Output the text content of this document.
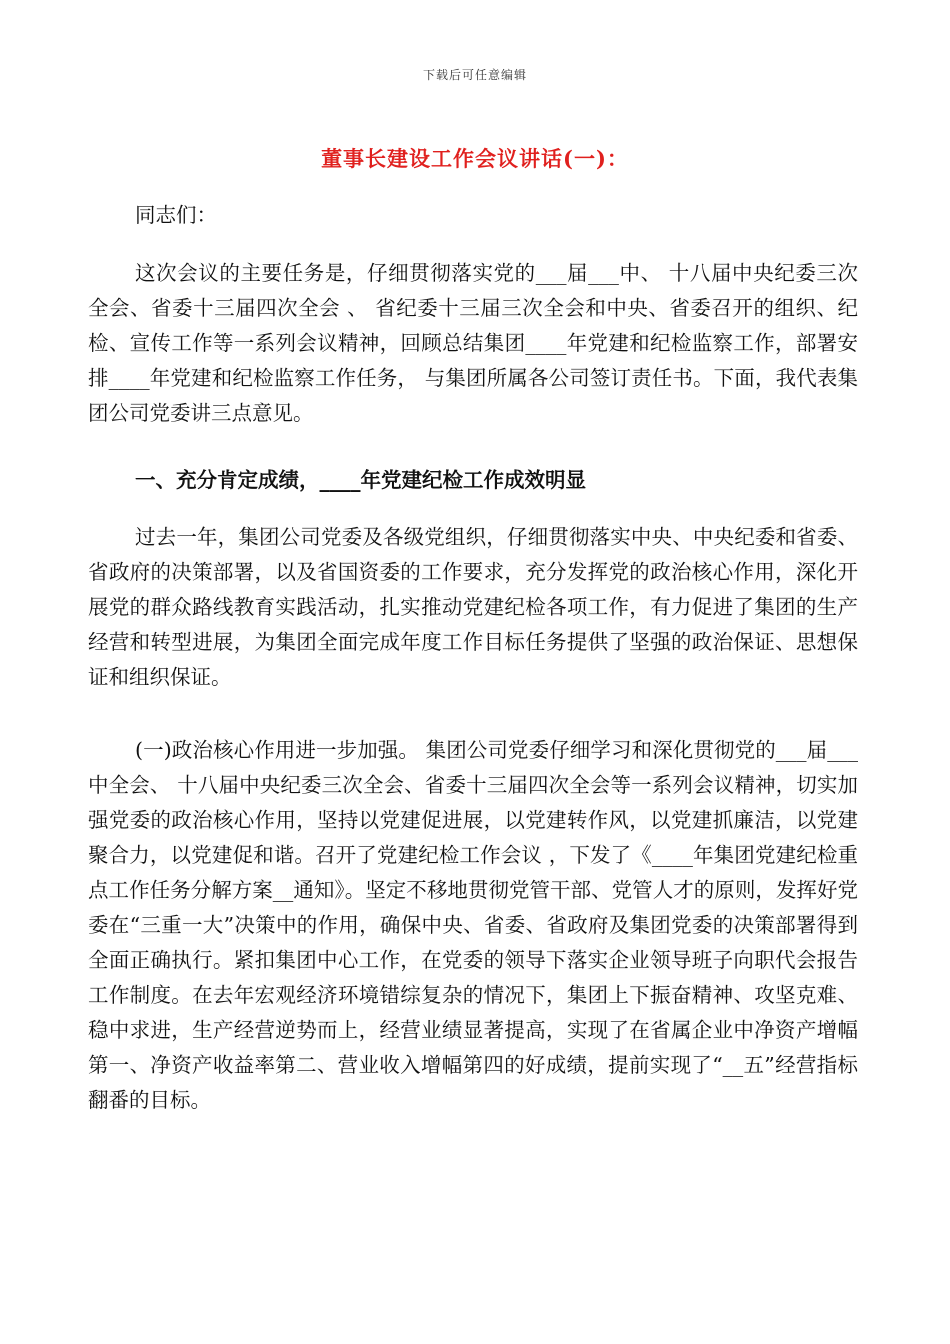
下载后可任意编辑
董事长建设工作会议讲话(一)：
同志们：
这次会议的主要任务是，仔细贯彻落实党的___届___中、 十八届中央纪委三次全会、省委十三届四次全会 、 省纪委十三届三次全会和中央、省委召开的组织、纪检、宣传工作等一系列会议精神，回顾总结集团____年党建和纪检监察工作，部署安排____年党建和纪检监察工作任务， 与集团所属各公司签订责任书。下面，我代表集团公司党委讲三点意见。
一、充分肯定成绩，____年党建纪检工作成效明显
过去一年，集团公司党委及各级党组织，仔细贯彻落实中央、中央纪委和省委、省政府的决策部署，以及省国资委的工作要求，充分发挥党的政治核心作用，深化开展党的群众路线教育实践活动，扎实推动党建纪检各项工作，有力促进了集团的生产经营和转型进展，为集团全面完成年度工作目标任务提供了坚强的政治保证、思想保证和组织保证。
(一)政治核心作用进一步加强。 集团公司党委仔细学习和深化贯彻党的___届___中全会、 十八届中央纪委三次全会、省委十三届四次全会等一系列会议精神，切实加强党委的政治核心作用，坚持以党建促进展，以党建转作风，以党建抓廉洁，以党建聚合力，以党建促和谐。召开了党建纪检工作会议 ，下发了《____年集团党建纪检重点工作任务分解方案__通知》。坚定不移地贯彻党管干部、党管人才的原则，发挥好党委在“三重一大”决策中的作用，确保中央、省委、省政府及集团党委的决策部署得到全面正确执行。紧扣集团中心工作，在党委的领导下落实企业领导班子向职代会报告工作制度。在去年宏观经济环境错综复杂的情况下，集团上下振奋精神、攻坚克难、稳中求进，生产经营逆势而上，经营业绩显著提高，实现了在省属企业中净资产增幅第一、净资产收益率第二、营业收入增幅第四的好成绩，提前实现了“__五”经营指标翻番的目标。
